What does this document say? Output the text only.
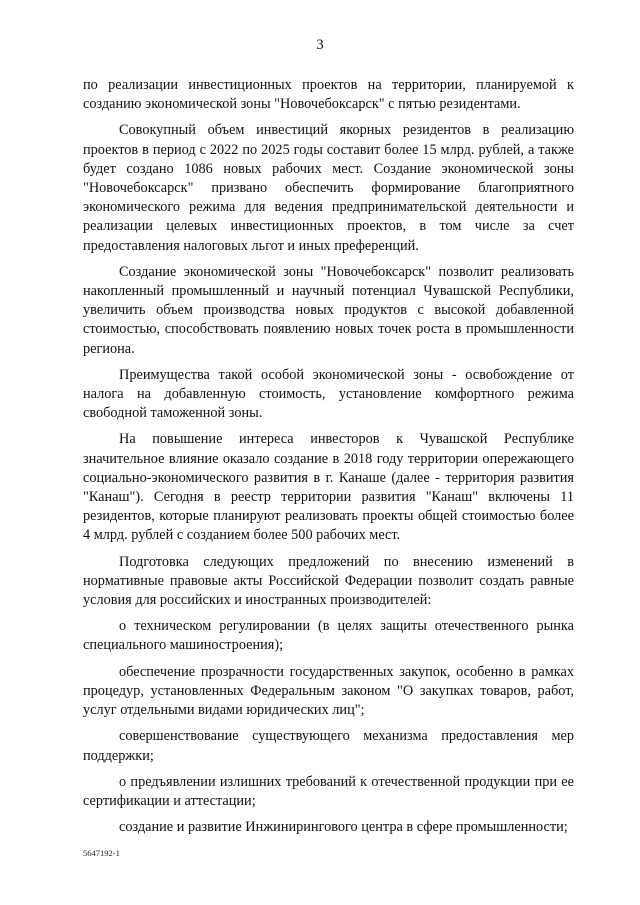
3

по реализации инвестиционных проектов на территории, планируемой к созданию экономической зоны "Новочебоксарск" с пятью резидентами.

Совокупный объем инвестиций якорных резидентов в реализацию проектов в период с 2022 по 2025 годы составит более 15 млрд. рублей, а также будет создано 1086 новых рабочих мест. Создание экономической зоны "Новочебоксарск" призвано обеспечить формирование благоприятного экономического режима для ведения предпринимательской деятельности и реализации целевых инвестиционных проектов, в том числе за счет предоставления налоговых льгот и иных преференций.

Создание экономической зоны "Новочебоксарск" позволит реализовать накопленный промышленный и научный потенциал Чувашской Республики, увеличить объем производства новых продуктов с высокой добавленной стоимостью, способствовать появлению новых точек роста в промышленности региона.

Преимущества такой особой экономической зоны - освобождение от налога на добавленную стоимость, установление комфортного режима свободной таможенной зоны.

На повышение интереса инвесторов к Чувашской Республике значительное влияние оказало создание в 2018 году территории опережающего социально-экономического развития в г. Канаше (далее - территория развития "Канаш"). Сегодня в реестр территории развития "Канаш" включены 11 резидентов, которые планируют реализовать проекты общей стоимостью более 4 млрд. рублей с созданием более 500 рабочих мест.

Подготовка следующих предложений по внесению изменений в нормативные правовые акты Российской Федерации позволит создать равные условия для российских и иностранных производителей:

о техническом регулировании (в целях защиты отечественного рынка специального машиностроения);

обеспечение прозрачности государственных закупок, особенно в рамках процедур, установленных Федеральным законом "О закупках товаров, работ, услуг отдельными видами юридических лиц";

совершенствование существующего механизма предоставления мер поддержки;

о предъявлении излишних требований к отечественной продукции при ее сертификации и аттестации;

создание и развитие Инжинирингового центра в сфере промышленности;

5647192-1
